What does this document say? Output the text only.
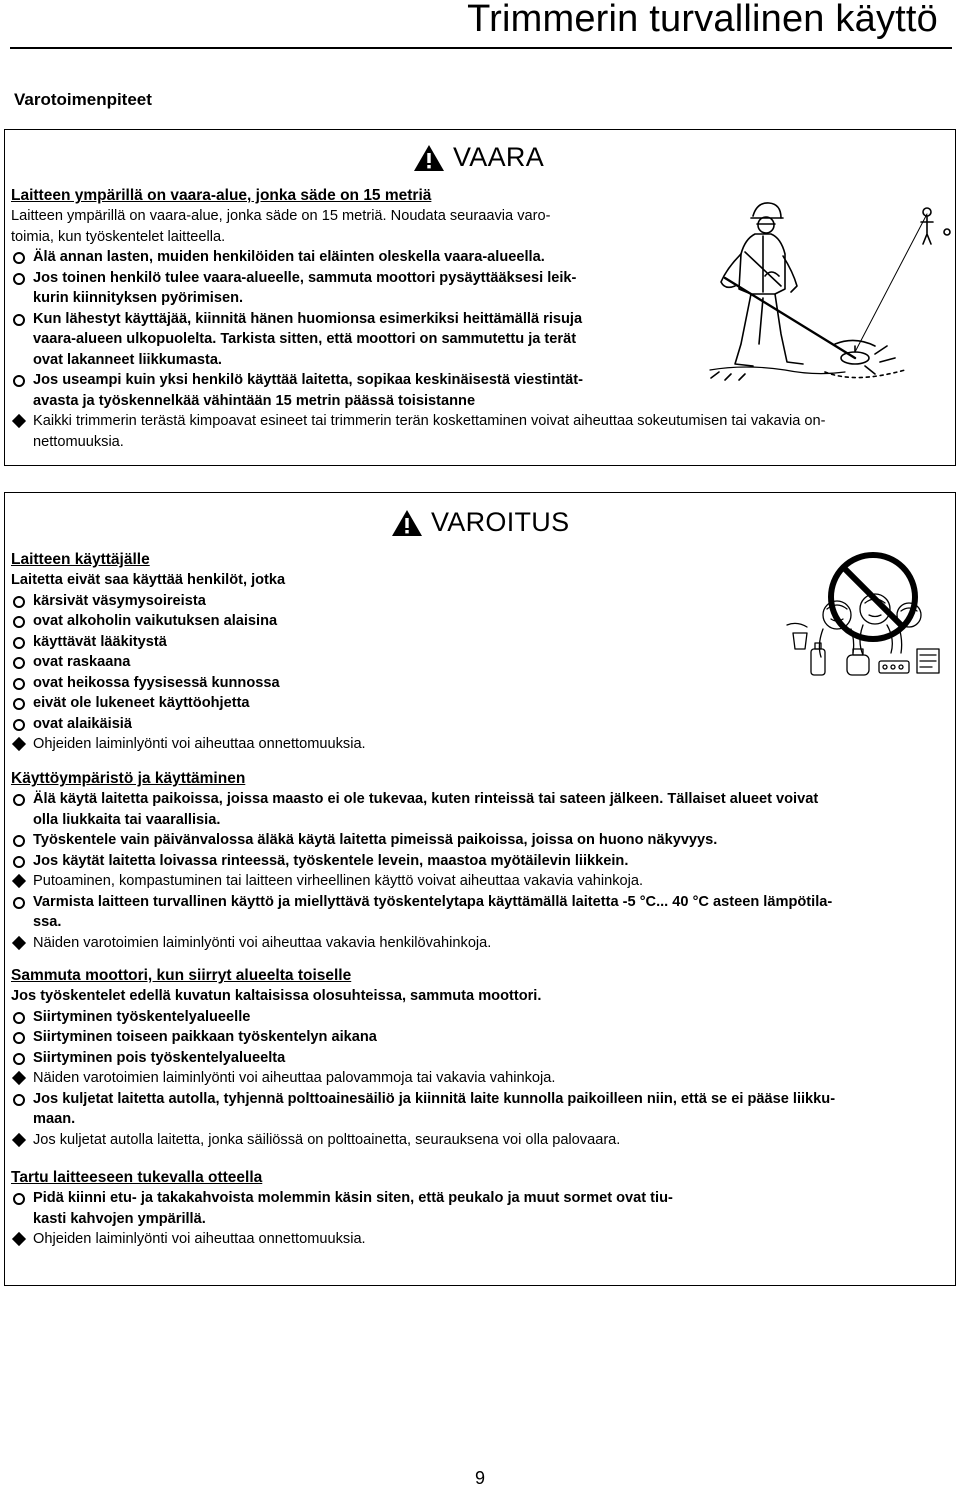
Trimmerin turvallinen käyttö
Varotoimenpiteet
VAARA
Laitteen ympärillä on vaara-alue, jonka säde on 15 metriä
Laitteen ympärillä on vaara-alue, jonka säde on 15 metriä. Noudata seuraavia varo-
toimia, kun työskentelet laitteella.
Älä annan lasten, muiden henkilöiden tai eläinten oleskella vaara-alueella.
Jos toinen henkilö tulee vaara-alueelle, sammuta moottori pysäyttääksesi leik-
kurin kiinnityksen pyörimisen.
Kun lähestyt käyttäjää, kiinnitä hänen huomionsa esimerkiksi heittämällä risuja
vaara-alueen ulkopuolelta. Tarkista sitten, että moottori on sammutettu ja terät
ovat lakanneet liikkumasta.
Jos useampi kuin yksi henkilö käyttää laitetta, sopikaa keskinäisestä viestintät-
avasta ja työskennelkää vähintään 15 metrin päässä toisistanne
Kaikki trimmerin terästä kimpoavat esineet tai trimmerin terän koskettaminen voivat aiheuttaa sokeutumisen tai vakavia on-
nettomuuksia.
VAROITUS
Laitteen käyttäjälle
Laitetta eivät saa käyttää henkilöt, jotka
kärsivät väsymysoireista
ovat alkoholin vaikutuksen alaisina
käyttävät lääkitystä
ovat raskaana
ovat heikossa fyysisessä kunnossa
eivät ole lukeneet käyttöohjetta
ovat alaikäisiä
Ohjeiden laiminlyönti voi aiheuttaa onnettomuuksia.
Käyttöympäristö ja käyttäminen
Älä käytä laitetta paikoissa, joissa maasto ei ole tukevaa, kuten rinteissä tai sateen jälkeen. Tällaiset alueet voivat
olla liukkaita tai vaarallisia.
Työskentele vain päivänvalossa äläkä käytä laitetta pimeissä paikoissa, joissa on huono näkyvyys.
Jos käytät laitetta loivassa rinteessä, työskentele levein, maastoa myötäilevin liikkein.
Putoaminen, kompastuminen tai laitteen virheellinen käyttö voivat aiheuttaa vakavia vahinkoja.
Varmista laitteen turvallinen käyttö ja miellyttävä työskentelytapa käyttämällä laitetta -5 °C... 40 °C asteen lämpötila-
ssa.
Näiden varotoimien laiminlyönti voi aiheuttaa vakavia henkilövahinkoja.
Sammuta moottori, kun siirryt alueelta toiselle
Jos työskentelet edellä kuvatun kaltaisissa olosuhteissa, sammuta moottori.
Siirtyminen työskentelyalueelle
Siirtyminen toiseen paikkaan työskentelyn aikana
Siirtyminen pois työskentelyalueelta
Näiden varotoimien laiminlyönti voi aiheuttaa palovammoja tai vakavia vahinkoja.
Jos kuljetat laitetta autolla, tyhjennä polttoainesäiliö ja kiinnitä laite kunnolla paikoilleen niin, että se ei pääse liikku-
maan.
Jos kuljetat autolla laitetta, jonka säiliössä on polttoainetta, seurauksena voi olla palovaara.
Tartu laitteeseen tukevalla otteella
Pidä kiinni etu- ja takakahvoista molemmin käsin siten, että peukalo ja muut sormet ovat tiu-
kasti kahvojen ympärillä.
Ohjeiden laiminlyönti voi aiheuttaa onnettomuuksia.
9
